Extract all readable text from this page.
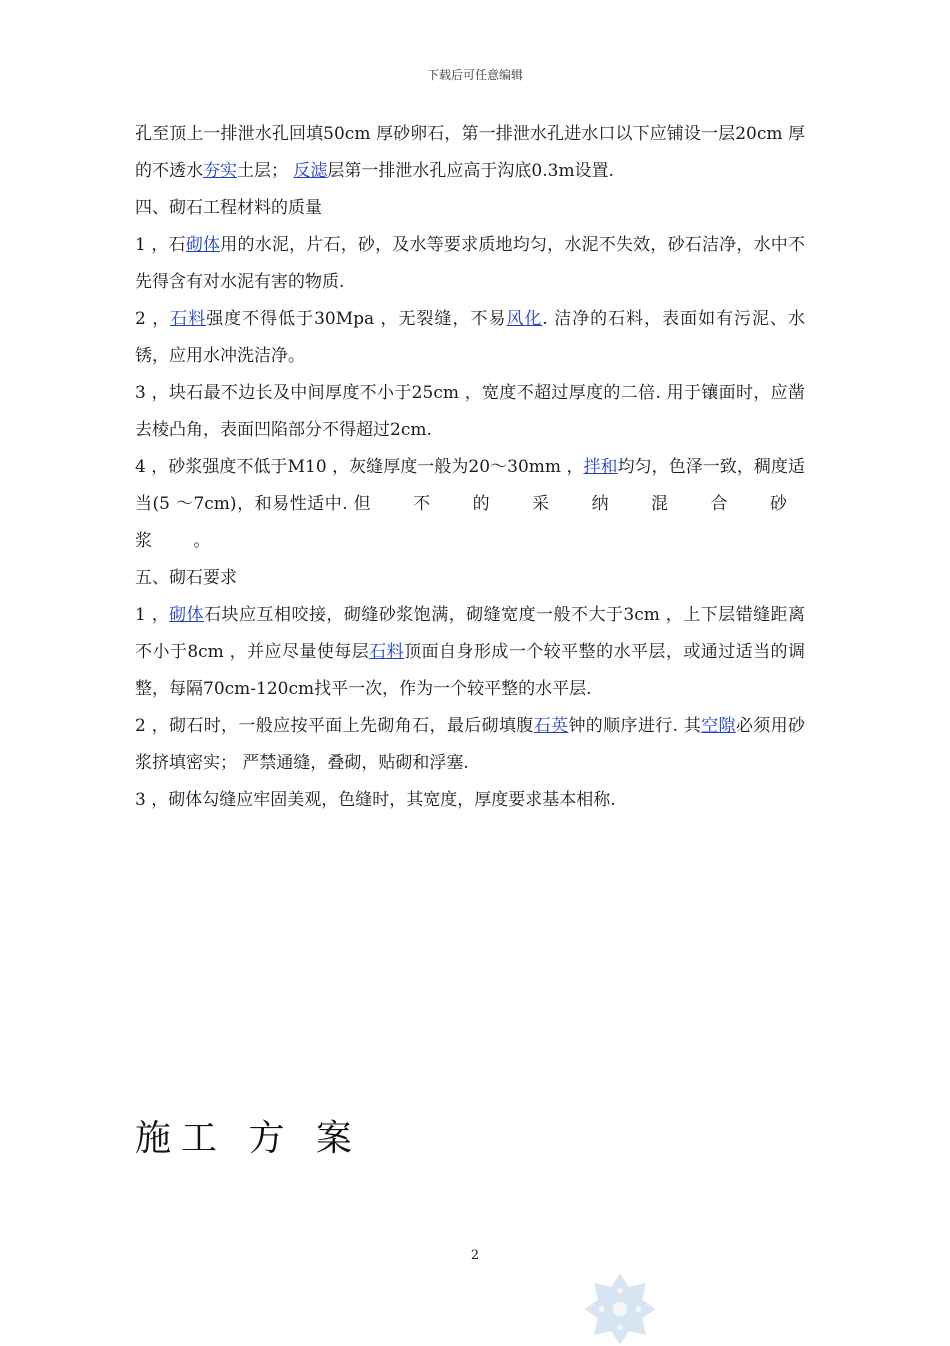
下载后可任意编辑

孔至顶上一排泄水孔回填50cm 厚砂卵石，第一排泄水孔进水口以下应铺设一层20cm 厚的不透水夯实土层； 反滤层第一排泄水孔应高于沟底0.3m设置.

四、砌石工程材料的质量

1 ，石砌体用的水泥，片石，砂，及水等要求质地均匀，水泥不失效，砂石洁净，水中不先得含有对水泥有害的物质.

2 ，石料强度不得低于30Mpa ，无裂缝，不易风化. 洁净的石料，表面如有污泥、水锈，应用水冲洗洁净。

3 ，块石最不边长及中间厚度不小于25cm ，宽度不超过厚度的二倍. 用于镶面时，应凿去棱凸角，表面凹陷部分不得超过2cm.

4 ，砂浆强度不低于M10 ，灰缝厚度一般为20～30mm ，拌和均匀，色泽一致，稠度适当(5 ～7cm)，和易性适中. 但 不 的 采 纳 混 合 砂 浆 。

五、砌石要求

1 ，砌体石块应互相咬接，砌缝砂浆饱满，砌缝宽度一般不大于3cm ，上下层错缝距离不小于8cm ，并应尽量使每层石料顶面自身形成一个较平整的水平层，或通过适当的调整，每隔70cm-120cm找平一次，作为一个较平整的水平层.

2 ，砌石时，一般应按平面上先砌角石，最后砌填腹石英钟的顺序进行. 其空隙必须用砂浆挤填密实； 严禁通缝，叠砌，贴砌和浮塞.

3 ，砌体勾缝应牢固美观，色缝时，其宽度，厚度要求基本相称.

施工 方 案
2
